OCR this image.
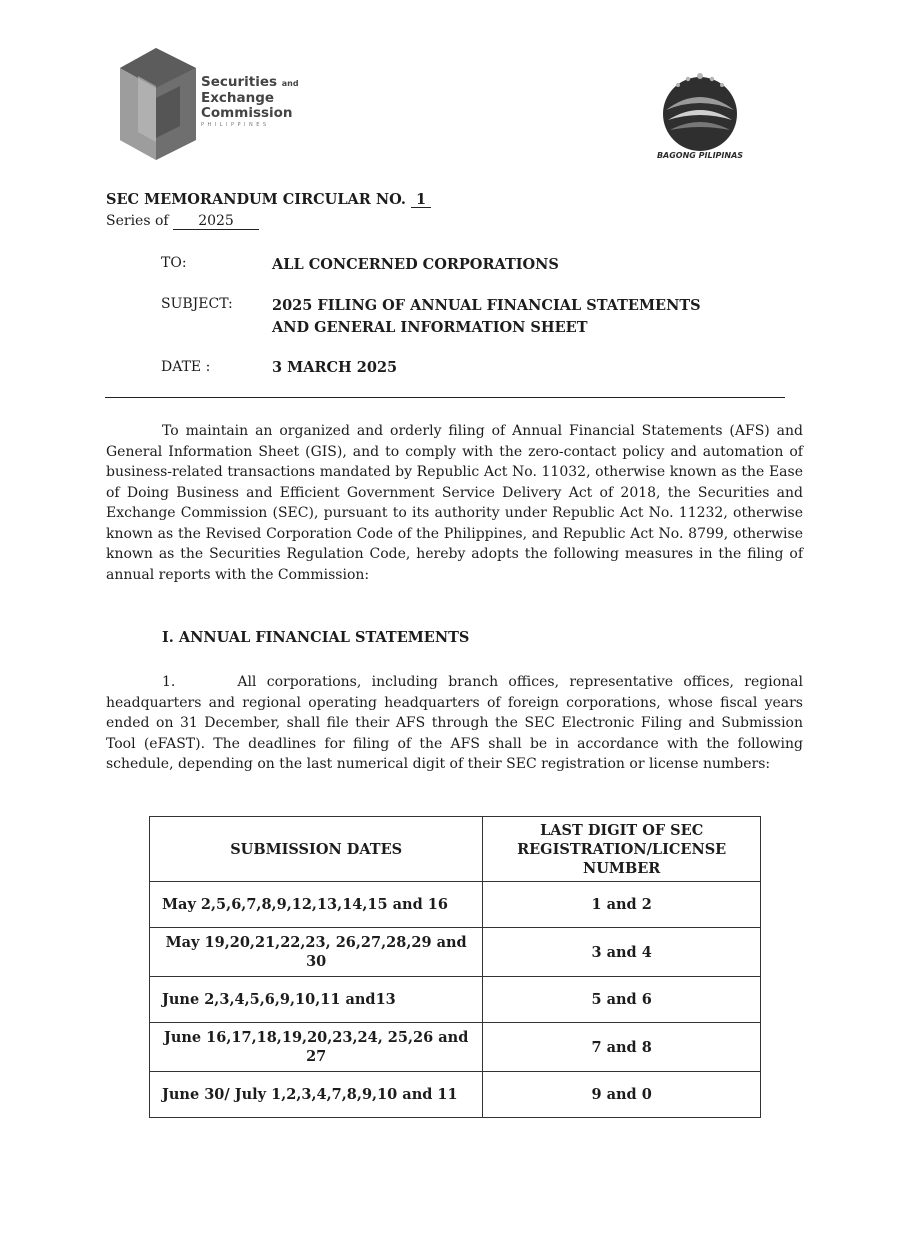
Securities and
Exchange
Commission
PHILIPPINES
BAGONG PILIPINAS
SEC MEMORANDUM CIRCULAR NO. 1
Series of 2025
TO:	ALL CONCERNED CORPORATIONS
SUBJECT:	2025 FILING OF ANNUAL FINANCIAL STATEMENTS
AND GENERAL INFORMATION SHEET
DATE :	3 MARCH 2025
To maintain an organized and orderly filing of Annual Financial Statements (AFS) and General Information Sheet (GIS), and to comply with the zero-contact policy and automation of business-related transactions mandated by Republic Act No. 11032, otherwise known as the Ease of Doing Business and Efficient Government Service Delivery Act of 2018, the Securities and Exchange Commission (SEC), pursuant to its authority under Republic Act No. 11232, otherwise known as the Revised Corporation Code of the Philippines, and Republic Act No. 8799, otherwise known as the Securities Regulation Code, hereby adopts the following measures in the filing of annual reports with the Commission:
I. ANNUAL FINANCIAL STATEMENTS
1.	All corporations, including branch offices, representative offices, regional headquarters and regional operating headquarters of foreign corporations, whose fiscal years ended on 31 December, shall file their AFS through the SEC Electronic Filing and Submission Tool (eFAST). The deadlines for filing of the AFS shall be in accordance with the following schedule, depending on the last numerical digit of their SEC registration or license numbers:
SUBMISSION DATES	LAST DIGIT OF SEC REGISTRATION/LICENSE NUMBER
May 2,5,6,7,8,9,12,13,14,15 and 16	1 and 2
May 19,20,21,22,23, 26,27,28,29 and 30	3 and 4
June 2,3,4,5,6,9,10,11 and13	5 and 6
June 16,17,18,19,20,23,24, 25,26 and 27	7 and 8
June 30/ July 1,2,3,4,7,8,9,10 and 11	9 and 0
